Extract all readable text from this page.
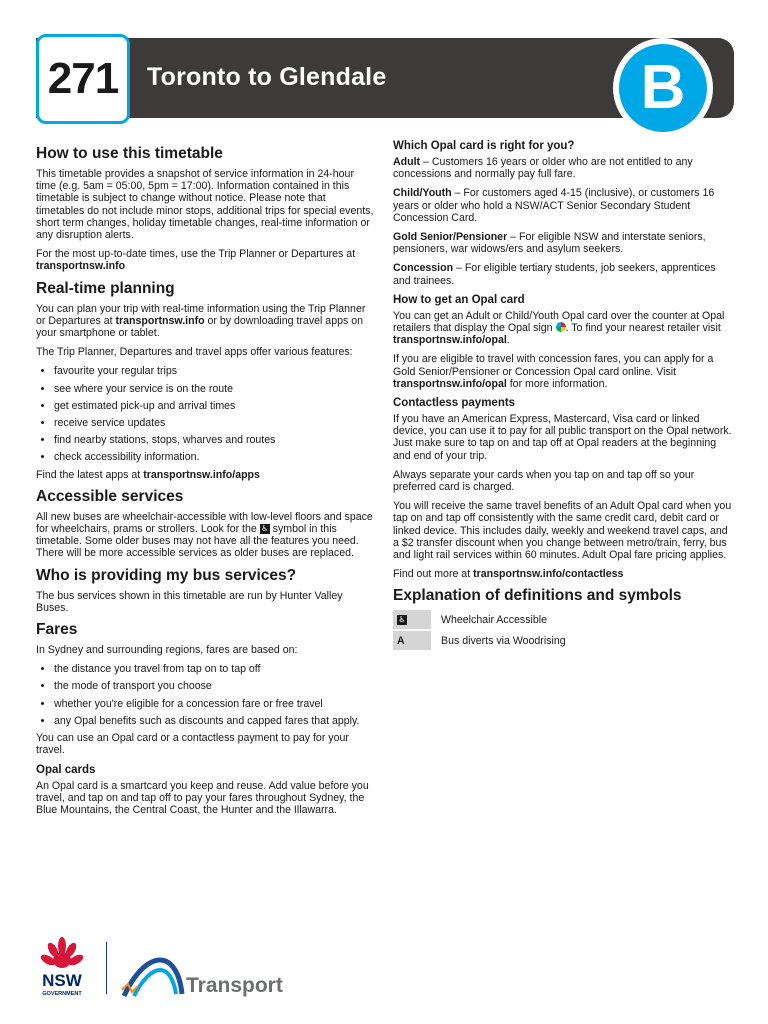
271 Toronto to Glendale	B
How to use this timetable

This timetable provides a snapshot of service information in 24-hour time (e.g. 5am = 05:00, 5pm = 17:00). Information contained in this timetable is subject to change without notice. Please note that timetables do not include minor stops, additional trips for special events, short term changes, holiday timetable changes, real-time information or any disruption alerts.

For the most up-to-date times, use the Trip Planner or Departures at transportnsw.info

Real-time planning

You can plan your trip with real-time information using the Trip Planner or Departures at transportnsw.info or by downloading travel apps on your smartphone or tablet.

The Trip Planner, Departures and travel apps offer various features:

• favourite your regular trips
• see where your service is on the route
• get estimated pick-up and arrival times
• receive service updates
• find nearby stations, stops, wharves and routes
• check accessibility information.

Find the latest apps at transportnsw.info/apps

Accessible services

All new buses are wheelchair-accessible with low-level floors and space for wheelchairs, prams or strollers. Look for the ♿ symbol in this timetable. Some older buses may not have all the features you need. There will be more accessible services as older buses are replaced.

Who is providing my bus services?

The bus services shown in this timetable are run by Hunter Valley Buses.

Fares

In Sydney and surrounding regions, fares are based on:

• the distance you travel from tap on to tap off
• the mode of transport you choose
• whether you're eligible for a concession fare or free travel
• any Opal benefits such as discounts and capped fares that apply.

You can use an Opal card or a contactless payment to pay for your travel.

Opal cards

An Opal card is a smartcard you keep and reuse. Add value before you travel, and tap on and tap off to pay your fares throughout Sydney, the Blue Mountains, the Central Coast, the Hunter and the Illawarra.

Which Opal card is right for you?

Adult – Customers 16 years or older who are not entitled to any concessions and normally pay full fare.

Child/Youth – For customers aged 4-15 (inclusive), or customers 16 years or older who hold a NSW/ACT Senior Secondary Student Concession Card.

Gold Senior/Pensioner – For eligible NSW and interstate seniors, pensioners, war widows/ers and asylum seekers.

Concession – For eligible tertiary students, job seekers, apprentices and trainees.

How to get an Opal card

You can get an Adult or Child/Youth Opal card over the counter at Opal retailers that display the Opal sign . To find your nearest retailer visit transportnsw.info/opal.

If you are eligible to travel with concession fares, you can apply for a Gold Senior/Pensioner or Concession Opal card online. Visit transportnsw.info/opal for more information.

Contactless payments

If you have an American Express, Mastercard, Visa card or linked device, you can use it to pay for all public transport on the Opal network. Just make sure to tap on and tap off at Opal readers at the beginning and end of your trip.

Always separate your cards when you tap on and tap off so your preferred card is charged.

You will receive the same travel benefits of an Adult Opal card when you tap on and tap off consistently with the same credit card, debit card or linked device. This includes daily, weekly and weekend travel caps, and a $2 transfer discount when you change between metro/train, ferry, bus and light rail services within 60 minutes. Adult Opal fare pricing applies.

Find out more at transportnsw.info/contactless

Explanation of definitions and symbols
♿	Wheelchair Accessible
A	Bus diverts via Woodrising
NSW
GOVERNMENT	Transport
